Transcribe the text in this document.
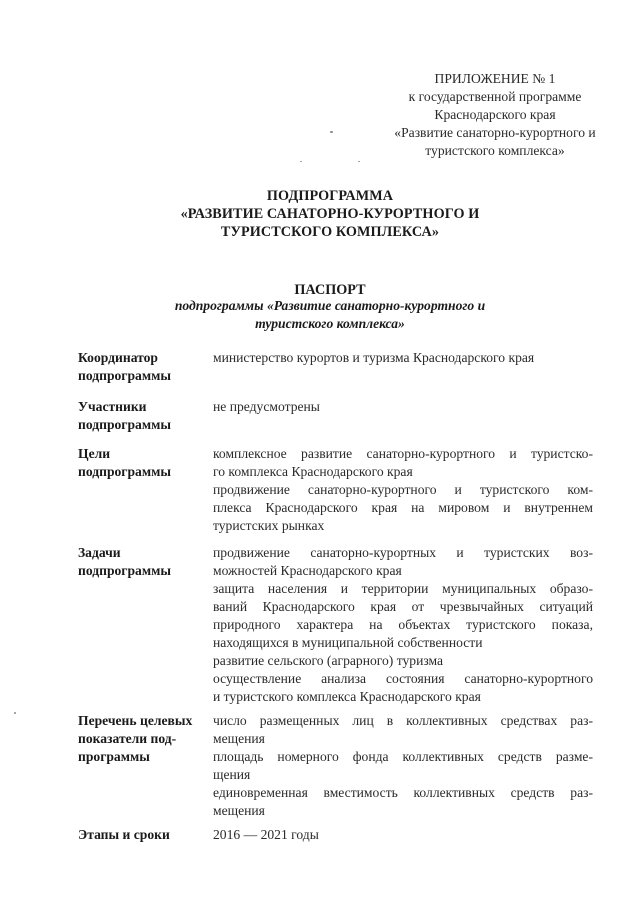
ПРИЛОЖЕНИЕ № 1
к государственной программе
Краснодарского края
«Развитие санаторно-курортного и
туристского комплекса»
ПОДПРОГРАММА
«РАЗВИТИЕ САНАТОРНО-КУРОРТНОГО И
ТУРИСТСКОГО КОМПЛЕКСА»
ПАСПОРТ
подпрограммы «Развитие санаторно-курортного и
туристского комплекса»
Координатор
подпрограммы
министерство курортов и туризма Краснодарского края
Участники
подпрограммы
не предусмотрены
Цели
подпрограммы
комплексное развитие санаторно-курортного и туристско-
го комплекса Краснодарского края
продвижение санаторно-курортного и туристского ком-
плекса Краснодарского края на мировом и внутреннем
туристских рынках
Задачи
подпрограммы
продвижение санаторно-курортных и туристских воз-
можностей Краснодарского края
защита населения и территории муниципальных образо-
ваний Краснодарского края от чрезвычайных ситуаций
природного характера на объектах туристского показа,
находящихся в муниципальной собственности
развитие сельского (аграрного) туризма
осуществление анализа состояния санаторно-курортного
и туристского комплекса Краснодарского края
Перечень целевых
показатели под-
программы
число размещенных лиц в коллективных средствах раз-
мещения
площадь номерного фонда коллективных средств разме-
щения
единовременная вместимость коллективных средств раз-
мещения
Этапы и сроки	2016 — 2021 годы
